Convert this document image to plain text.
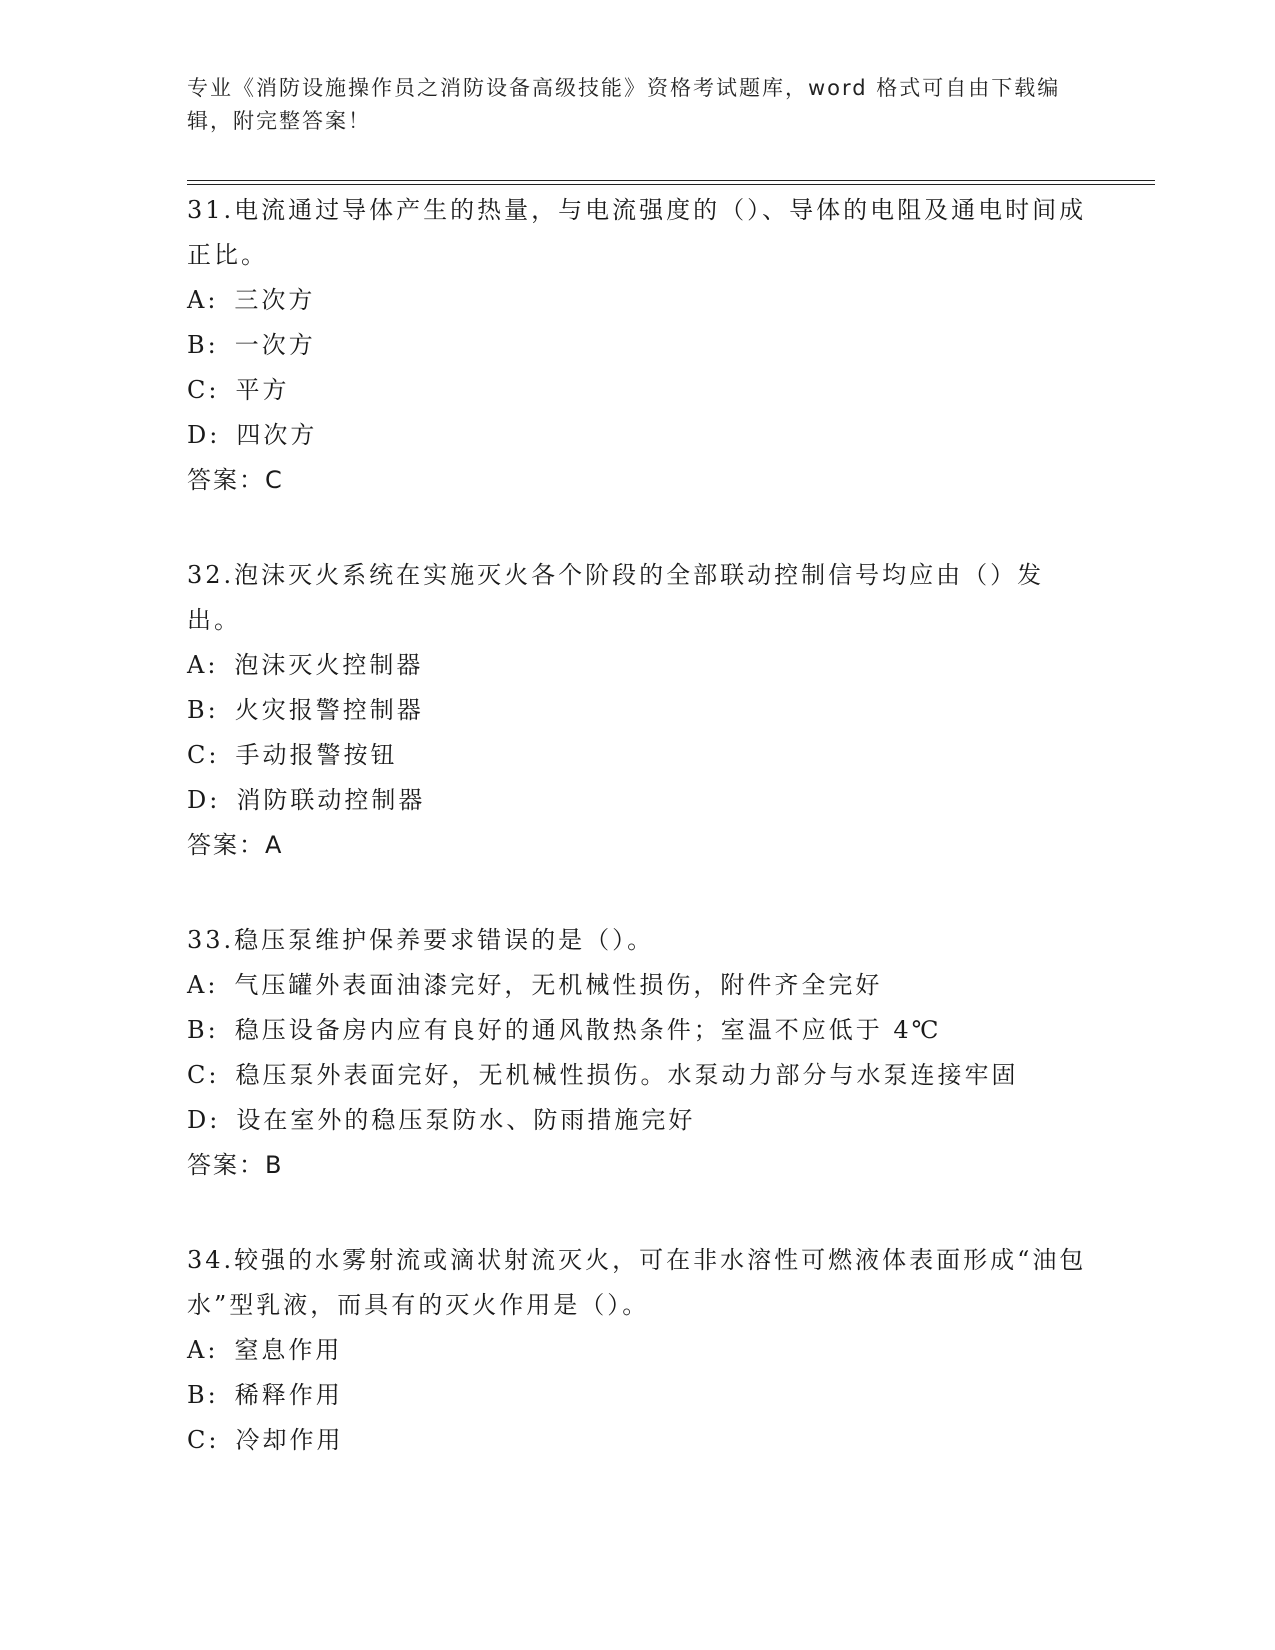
专业《消防设施操作员之消防设备高级技能》资格考试题库，word 格式可自由下载编辑，附完整答案！

31.电流通过导体产生的热量，与电流强度的（）、导体的电阻及通电时间成正比。

A: 三次方

B: 一次方

C: 平方

D: 四次方

答案：C

32.泡沫灭火系统在实施灭火各个阶段的全部联动控制信号均应由（）发出。

A: 泡沫灭火控制器

B: 火灾报警控制器

C: 手动报警按钮

D: 消防联动控制器

答案：A

33.稳压泵维护保养要求错误的是（）。

A: 气压罐外表面油漆完好，无机械性损伤，附件齐全完好

B: 稳压设备房内应有良好的通风散热条件；室温不应低于 4℃

C: 稳压泵外表面完好，无机械性损伤。水泵动力部分与水泵连接牢固

D: 设在室外的稳压泵防水、防雨措施完好

答案：B

34.较强的水雾射流或滴状射流灭火，可在非水溶性可燃液体表面形成“油包水”型乳液，而具有的灭火作用是（）。

A: 窒息作用

B: 稀释作用

C: 冷却作用
